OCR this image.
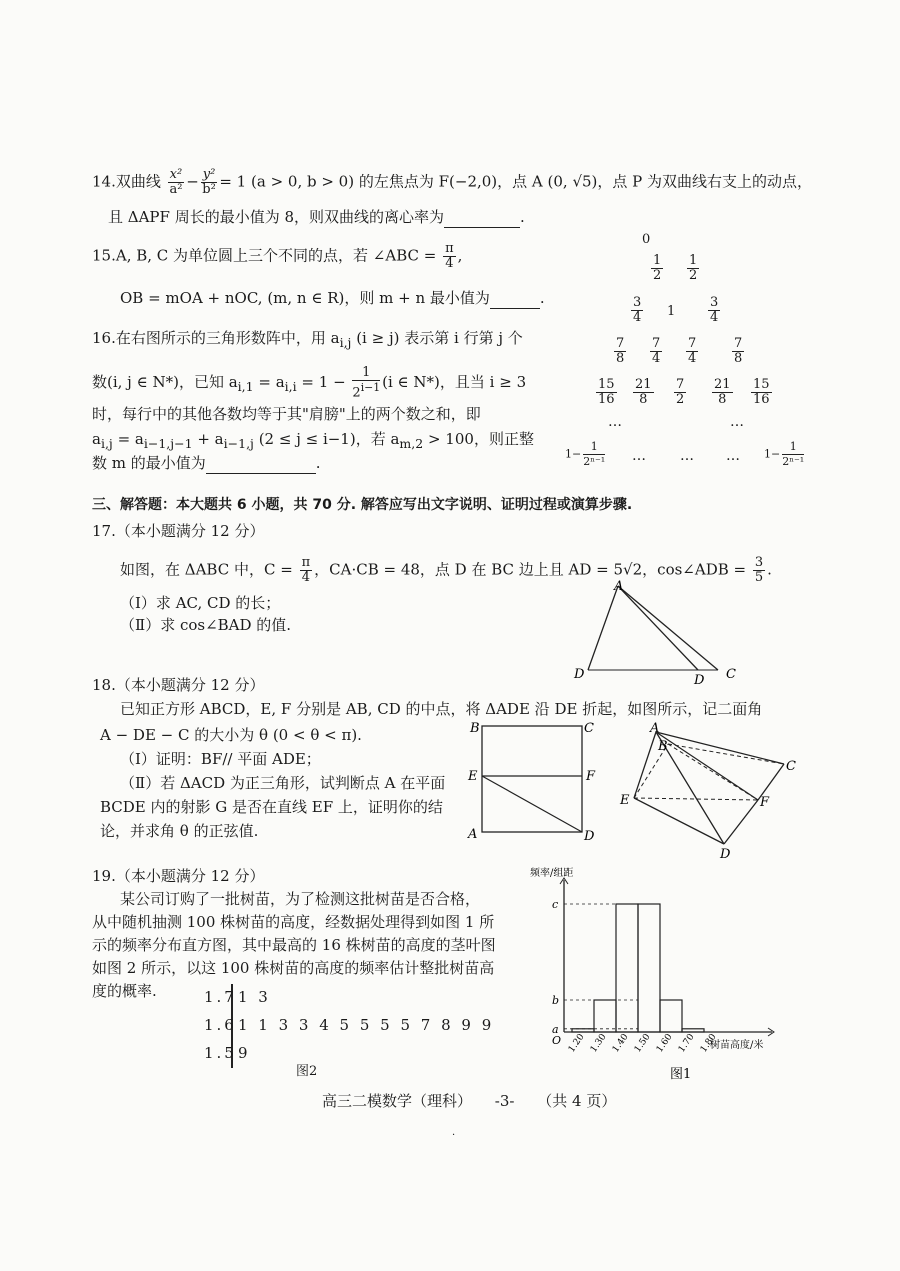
14.双曲线 $\frac{\text{x²}}{\text{a²}} - \frac{\text{y²}}{\text{b²}} = 1$ (a > 0, b > 0) 的左焦点为 F(−2,0)，点 A (0, √5)，点 P 为双曲线右支上的动点，
且 ΔAPF 周长的最小值为 8，则双曲线的离心率为	.
15.A, B, C 为单位圆上三个不同的点，若 ∠ABC = $\frac{\pi}{4}$ ,
OB = mOA + nOC, (m, n ∈ R)，则 m + n 最小值为	.
16.在右图所示的三角形数阵中，用 $a_{i,j}$ (i ≥ j) 表示第 i 行第 j 个
数(i, j ∈ N*)，已知 $a_{i,1} = a_{i,i} = 1 - \frac{1}{2^{i-1}} (i$ ∈ N*)，且当 i ≥ 3
时，每行中的其他各数均等于其"肩膀"上的两个数之和，即
$a_{i,j} = a_{i-1,j-1} + a_{i-1,j}$ (2 ≤ j ≤ i−1)，若 $a_{m,2} > 100$，则正整
数 m 的最小值为	.
0
$\frac{1}{2} \frac{1}{2}$
$\frac{3}{4} 1$	$\frac{3}{4}$
$\frac{7}{8} \frac{7}{4} \frac{7}{4}$	$\frac{7}{8}$
$\frac{15}{16} \frac{21}{8} \frac{7}{2} \frac{21}{8} \frac{15}{16}$
…	…
$1- \frac{1}{\text{2ⁿ⁻¹}}$ … … … $1- \frac{1}{\text{2ⁿ⁻¹}}$
三、解答题：本大题共 6 小题，共 70 分. 解答应写出文字说明、证明过程或演算步骤.
17.（本小题满分 12 分）
如图，在 ΔABC 中，$C = \frac{\pi}{4}$ ，CA·CB = 48，点 D 在 BC 边上且 AD = 5√2，cos∠ADB = $\frac{3}{5}$ .
（Ⅰ）求 AC, CD 的长；
（Ⅱ）求 cos∠BAD 的值.
A
D	D C
18.（本小题满分 12 分）
已知正方形 ABCD，E, F 分别是 AB, CD 的中点，将 ΔADE 沿 DE 折起，如图所示，记二面角
A − DE − C 的大小为 θ (0 < θ < π).
（Ⅰ）证明：BF// 平面 ADE；
（Ⅱ）若 ΔACD 为正三角形，试判断点 A 在平面
BCDE 内的射影 G 是否在直线 EF 上，证明你的结
论，并求角 θ 的正弦值.
B	C
E	F
A	D
A
B
C
E	F
D
19.（本小题满分 12 分）
某公司订购了一批树苗，为了检测这批树苗是否合格，
从中随机抽测 100 株树苗的高度，经数据处理得到如图 1 所
示的频率分布直方图，其中最高的 16 株树苗的高度的茎叶图
如图 2 所示，以这 100 株树苗的高度的频率估计整批树苗高
度的概率.	1.7 1 3
1.6 1 1 3 3 4 5 5 5 5 7 8 9 9
1.5 9
图2
频率/组距
a
b
c
O 1.20 1.30 1.40 1.50 1.60 1.70 1.80
树苗高度/米
图1
高三二模数学（理科） -3- （共 4 页）
·
